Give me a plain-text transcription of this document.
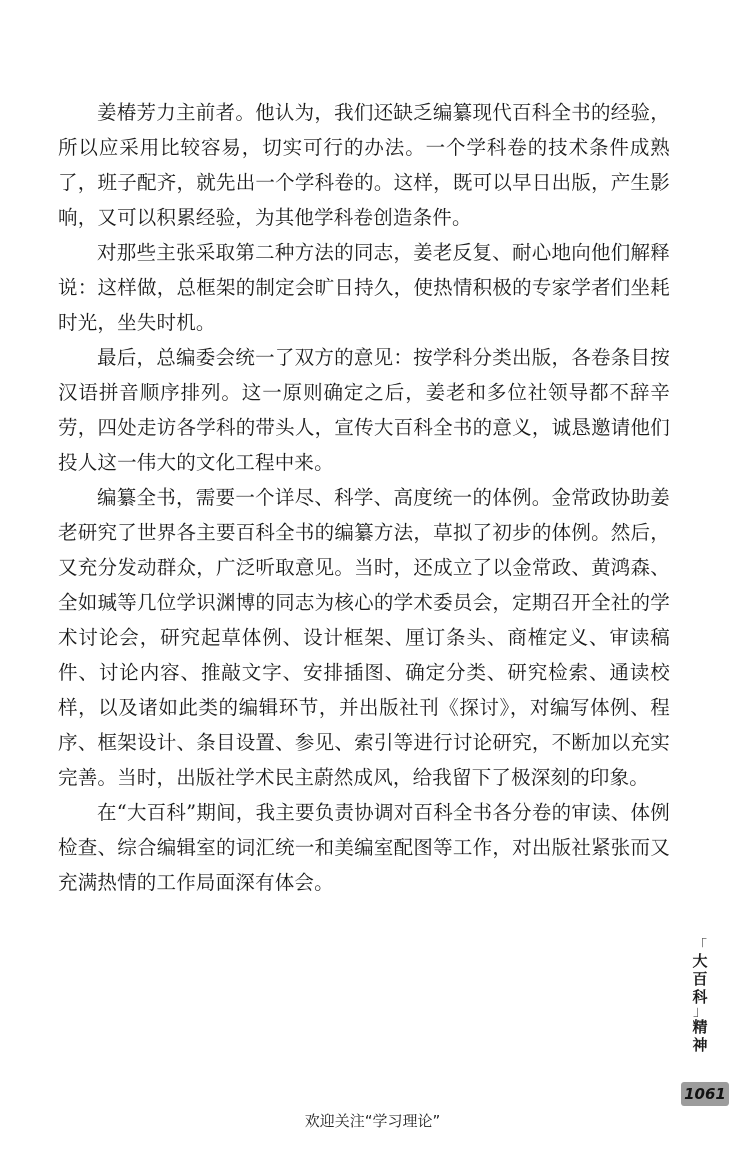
姜椿芳力主前者。他认为，我们还缺乏编纂现代百科全书的经验，所以应采用比较容易，切实可行的办法。一个学科卷的技术条件成熟了，班子配齐，就先出一个学科卷的。这样，既可以早日出版，产生影响，又可以积累经验，为其他学科卷创造条件。

对那些主张采取第二种方法的同志，姜老反复、耐心地向他们解释说：这样做，总框架的制定会旷日持久，使热情积极的专家学者们坐耗时光，坐失时机。

最后，总编委会统一了双方的意见：按学科分类出版，各卷条目按汉语拼音顺序排列。这一原则确定之后，姜老和多位社领导都不辞辛劳，四处走访各学科的带头人，宣传大百科全书的意义，诚恳邀请他们投人这一伟大的文化工程中来。

编纂全书，需要一个详尽、科学、高度统一的体例。金常政协助姜老研究了世界各主要百科全书的编纂方法，草拟了初步的体例。然后，又充分发动群众，广泛听取意见。当时，还成立了以金常政、黄鸿森、全如瑊等几位学识渊博的同志为核心的学术委员会，定期召开全社的学术讨论会，研究起草体例、设计框架、厘订条头、商榷定义、审读稿件、讨论内容、推敲文字、安排插图、确定分类、研究检索、通读校样，以及诸如此类的编辑环节，并出版社刊《探讨》，对编写体例、程序、框架设计、条目设置、参见、索引等进行讨论研究，不断加以充实完善。当时，出版社学术民主蔚然成风，给我留下了极深刻的印象。

在“大百科”期间，我主要负责协调对百科全书各分卷的审读、体例检查、综合编辑室的词汇统一和美编室配图等工作，对出版社紧张而又充满热情的工作局面深有体会。

「
大
百
科
」
精
神
1061
欢迎关注“学习理论”
